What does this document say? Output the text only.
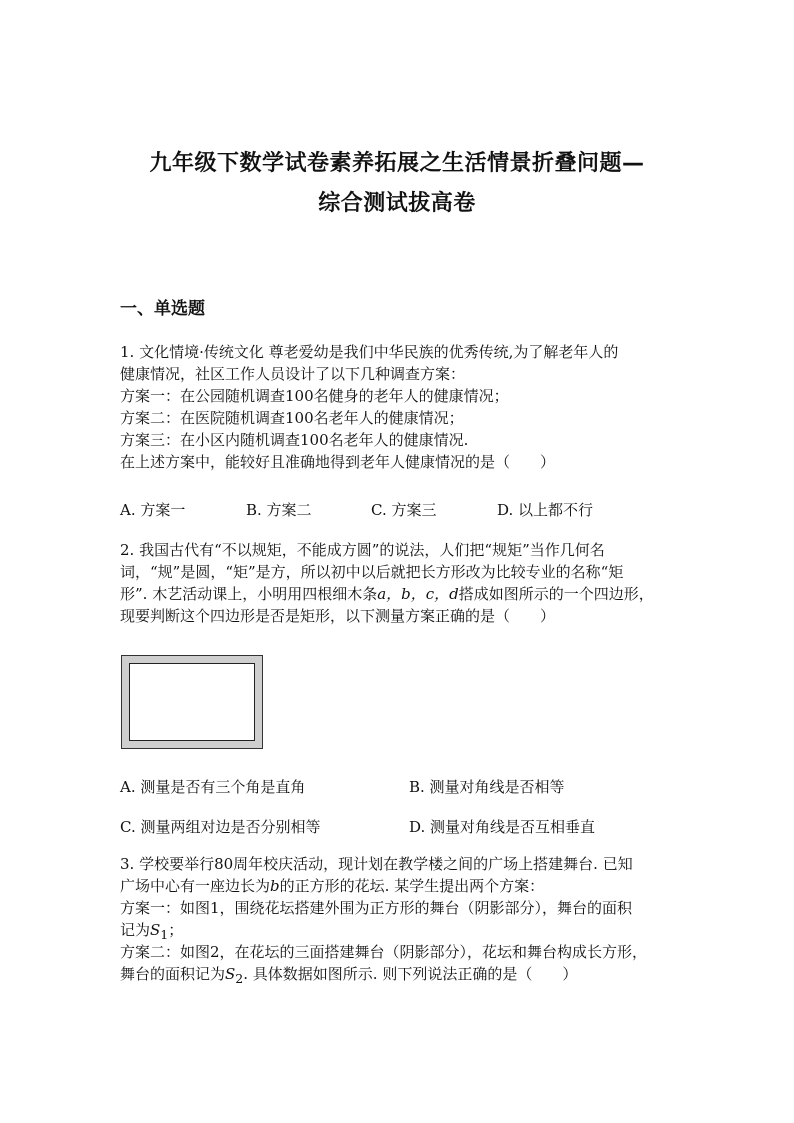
九年级下数学试卷素养拓展之生活情景折叠问题—
综合测试拔高卷
一、单选题
1. 文化情境·传统文化 尊老爱幼是我们中华民族的优秀传统,为了解老年人的
健康情况，社区工作人员设计了以下几种调查方案：
方案一：在公园随机调查100名健身的老年人的健康情况；
方案二：在医院随机调查100名老年人的健康情况；
方案三：在小区内随机调查100名老年人的健康情况.
在上述方案中，能较好且准确地得到老年人健康情况的是（　　）
A. 方案一	B. 方案二	C. 方案三	D. 以上都不行
2. 我国古代有“不以规矩，不能成方圆”的说法，人们把“规矩”当作几何名
词，“规”是圆，“矩”是方，所以初中以后就把长方形改为比较专业的名称“矩
形”. 木艺活动课上，小明用四根细木条a，b，c，d搭成如图所示的一个四边形，
现要判断这个四边形是否是矩形，以下测量方案正确的是（　　）
A. 测量是否有三个角是直角	B. 测量对角线是否相等
C. 测量两组对边是否分别相等	D. 测量对角线是否互相垂直
3. 学校要举行80周年校庆活动，现计划在教学楼之间的广场上搭建舞台. 已知
广场中心有一座边长为b的正方形的花坛. 某学生提出两个方案：
方案一：如图1，围绕花坛搭建外围为正方形的舞台（阴影部分），舞台的面积
记为$S_1$；
方案二：如图2，在花坛的三面搭建舞台（阴影部分），花坛和舞台构成长方形，
舞台的面积记为$S_2$. 具体数据如图所示. 则下列说法正确的是（　　）
